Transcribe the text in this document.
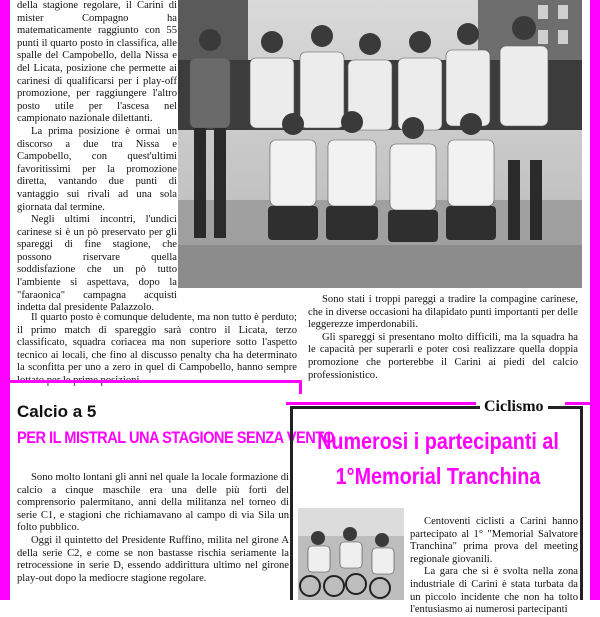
della stagione regolare, il Carini di mister Compagno ha matematicamente raggiunto con 55 punti il quarto posto in classifica, alle spalle del Campobello, della Nissa e del Licata, posizione che permette ai carinesi di qualificarsi per i play-off promozione, per raggiungere l'altro posto utile per l'ascesa nel campionato nazionale dilettanti.

La prima posizione è ormai un discorso a due tra Nissa e Campobello, con quest'ultimi favoritissimi per la promozione diretta, vantando due punti di vantaggio sui rivali ad una sola giornata dal termine.

Negli ultimi incontri, l'undici carinese si è un pò preservato per gli spareggi di fine stagione, che possono riservare quella soddisfazione che un pò tutto l'ambiente si aspettava, dopo la "faraonica" campagna acquisti indetta dal presidente Palazzolo.

Il quarto posto è comunque deludente, ma non tutto è perduto; il primo match di spareggio sarà contro il Licata, terzo classificato, squadra coriacea ma non superiore sotto l'aspetto tecnico ai locali, che fino al discusso penalty cha ha determinato la sconfitta per uno a zero in quel di Campobello, hanno sempre

Sono stati i troppi pareggi a tradire la compagine carinese, che in diverse occasioni ha dilapidato punti importanti per delle leggerezze imperdonabili.

Gli spareggi si presentano molto difficili, ma la squadra ha le capacità per superarli e poter così realizzare quella doppia promozione che porterebbe il Carini ai piedi del calcio professionistico.

Calcio a 5
PER IL MISTRAL UNA STAGIONE SENZA VENTO

Sono molto lontani gli anni nel quale la locale formazione di calcio a cinque maschile era una delle più forti del comprensorio palermitano, anni della militanza nel torneo di serie C1, e stagioni che richiamavano al campo di via Sila un folto pubblico.

Oggi il quintetto del Presidente Ruffino, milita nel girone A della serie C2, e come se non bastasse rischia seriamente la retrocessione in serie D, essendo addirittura ultimo nel girone play-out dopo la mediocre stagione regolare.

Ciclismo
Numerosi i partecipanti al
1°Memorial Tranchina

Centoventi ciclisti a Carini hanno partecipato al 1° "Memorial Salvatore Tranchina" prima prova del meeting regionale giovanili.

La gara che si è svolta nella zona industriale di Carini è stata turbata da un piccolo incidente che non ha tolto l'entusiasmo ai numerosi partecipanti
